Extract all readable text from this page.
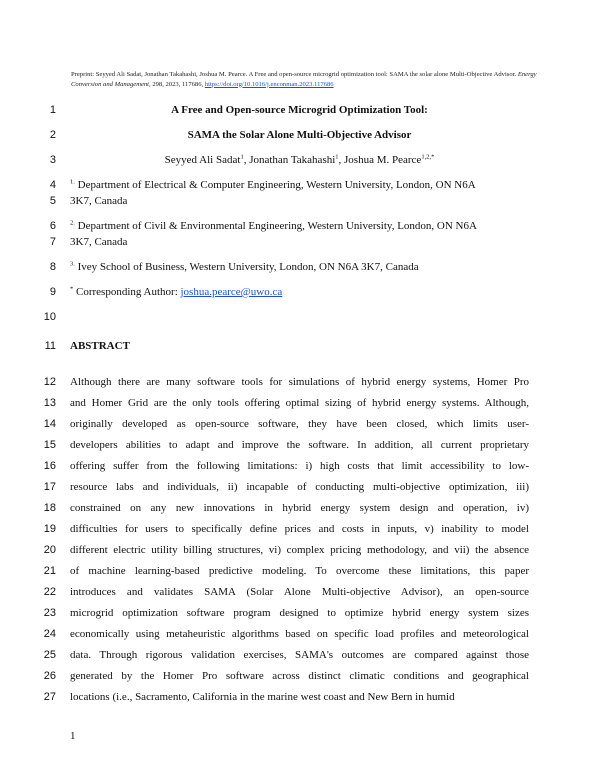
Preprint: Seyyed Ali Sadat, Jonathan Takahashi, Joshua M. Pearce. A Free and open-source microgrid optimization tool: SAMA the solar alone Multi-Objective Advisor. Energy Conversion and Management, 298, 2023, 117686, https://doi.org/10.1016/j.enconman.2023.117686
1
2
3
4
5
6
7
8
9
10
11
12
13
14
15
16
17
18
19
20
21
22
23
24
25
26
27
A Free and Open-source Microgrid Optimization Tool:
SAMA the Solar Alone Multi-Objective Advisor
Seyyed Ali Sadat$^1$, Jonathan Takahashi$^1$, Joshua M. Pearce$^{1,2,*}$
$^{1.}$ Department of Electrical & Computer Engineering, Western University, London, ON N6A
3K7, Canada
$^{2.}$ Department of Civil & Environmental Engineering, Western University, London, ON N6A
3K7, Canada
$^{3.}$ Ivey School of Business, Western University, London, ON N6A 3K7, Canada
* Corresponding Author: joshua.pearce@uwo.ca
ABSTRACT
Although there are many software tools for simulations of hybrid energy systems, Homer Pro
and Homer Grid are the only tools offering optimal sizing of hybrid energy systems. Although,
originally developed as open-source software, they have been closed, which limits user-
developers abilities to adapt and improve the software. In addition, all current proprietary
offering suffer from the following limitations: i) high costs that limit accessibility to low-
resource labs and individuals, ii) incapable of conducting multi-objective optimization, iii)
constrained on any new innovations in hybrid energy system design and operation, iv)
difficulties for users to specifically define prices and costs in inputs, v) inability to model
different electric utility billing structures, vi) complex pricing methodology, and vii) the absence
of machine learning-based predictive modeling. To overcome these limitations, this paper
introduces and validates SAMA (Solar Alone Multi-objective Advisor), an open-source
microgrid optimization software program designed to optimize hybrid energy system sizes
economically using metaheuristic algorithms based on specific load profiles and meteorological
data. Through rigorous validation exercises, SAMA's outcomes are compared against those
generated by the Homer Pro software across distinct climatic conditions and geographical
locations (i.e., Sacramento, California in the marine west coast and New Bern in humid
1
